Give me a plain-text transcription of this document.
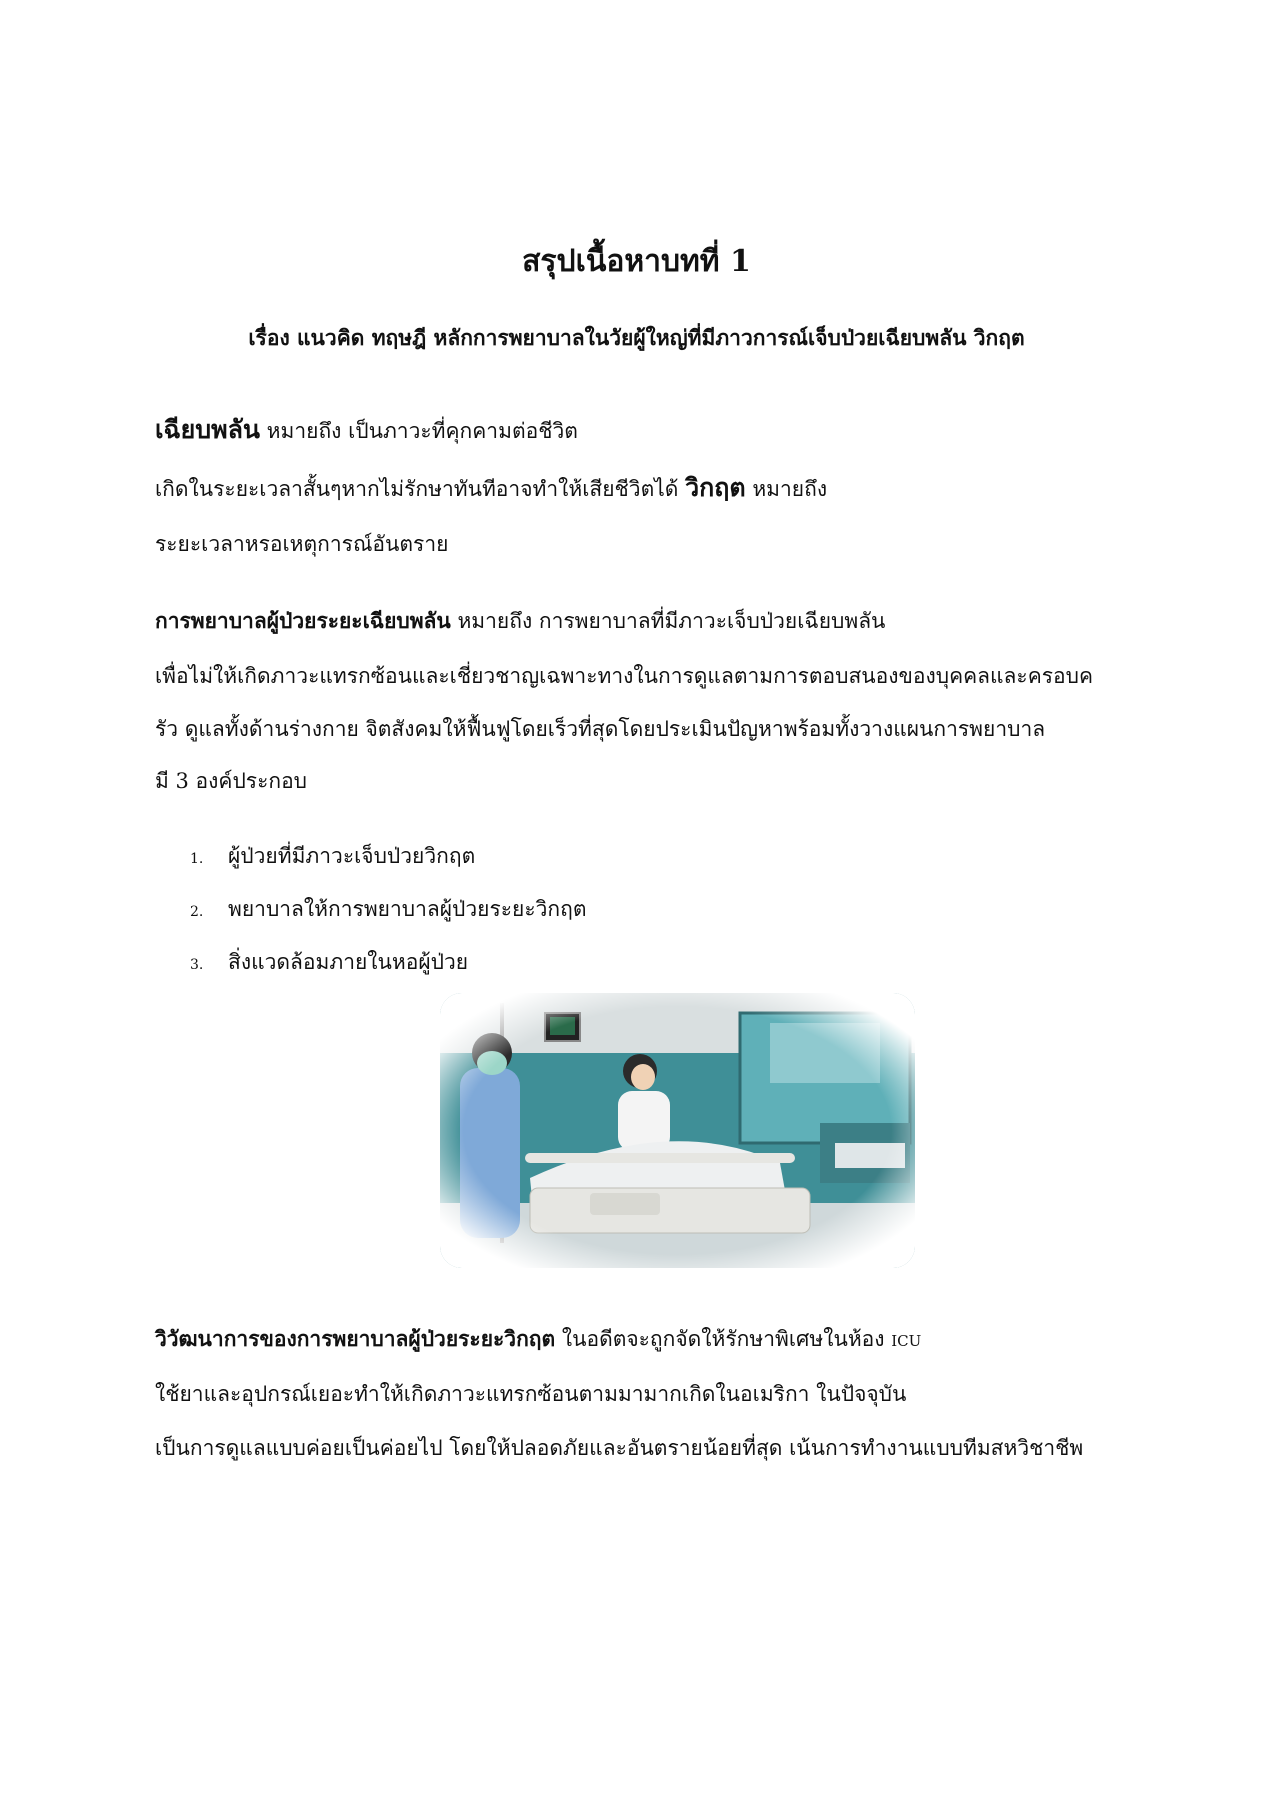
สรุปเนื้อหาบทที่ 1
เรื่อง แนวคิด ทฤษฎี หลักการพยาบาลในวัยผู้ใหญ่ที่มีภาวการณ์เจ็บป่วยเฉียบพลัน วิกฤต
เฉียบพลัน หมายถึง เป็นภาวะที่คุกคามต่อชีวิต
เกิดในระยะเวลาสั้นๆหากไม่รักษาทันทีอาจทำให้เสียชีวิตได้ วิกฤต หมายถึง
ระยะเวลาหรอเหตุการณ์อันตราย
การพยาบาลผู้ป่วยระยะเฉียบพลัน หมายถึง การพยาบาลที่มีภาวะเจ็บป่วยเฉียบพลัน
เพื่อไม่ให้เกิดภาวะแทรกซ้อนและเชี่ยวชาญเฉพาะทางในการดูแลตามการตอบสนองของบุคคลและครอบค
รัว ดูแลทั้งด้านร่างกาย จิตสังคมให้ฟื้นฟูโดยเร็วที่สุดโดยประเมินปัญหาพร้อมทั้งวางแผนการพยาบาล
มี 3 องค์ประกอบ
1. ผู้ป่วยที่มีภาวะเจ็บป่วยวิกฤต
2. พยาบาลให้การพยาบาลผู้ป่วยระยะวิกฤต
3. สิ่งแวดล้อมภายในหอผู้ป่วย
วิวัฒนาการของการพยาบาลผู้ป่วยระยะวิกฤต ในอดีตจะถูกจัดให้รักษาพิเศษในห้อง ICU
ใช้ยาและอุปกรณ์เยอะทำให้เกิดภาวะแทรกซ้อนตามมามากเกิดในอเมริกา ในปัจจุบัน
เป็นการดูแลแบบค่อยเป็นค่อยไป โดยให้ปลอดภัยและอันตรายน้อยที่สุด เน้นการทำงานแบบทีมสหวิชาชีพ
